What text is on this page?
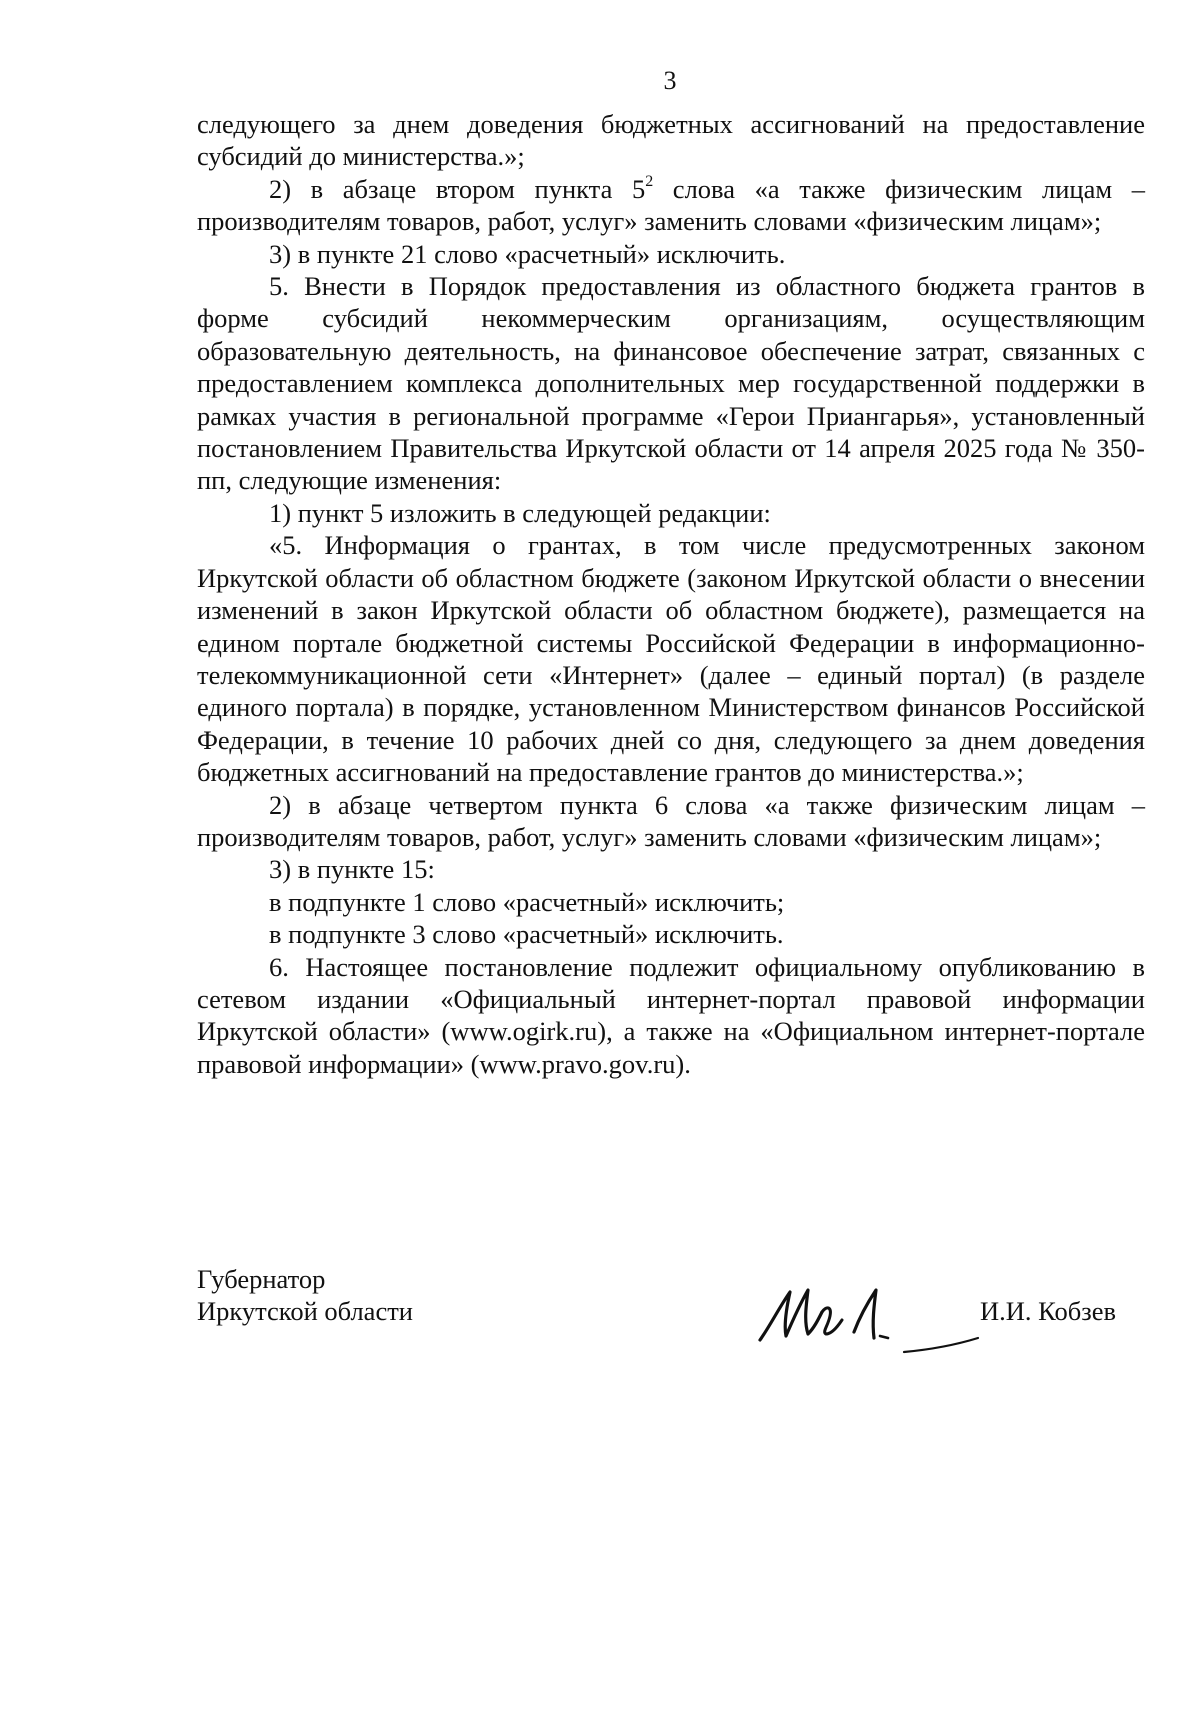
3

следующего за днем доведения бюджетных ассигнований на предоставление субсидий до министерства.»;

2) в абзаце втором пункта $5^2$ слова «а также физическим лицам – производителям товаров, работ, услуг» заменить словами «физическим лицам»;

3) в пункте 21 слово «расчетный» исключить.

5. Внести в Порядок предоставления из областного бюджета грантов в форме субсидий некоммерческим организациям, осуществляющим образовательную деятельность, на финансовое обеспечение затрат, связанных с предоставлением комплекса дополнительных мер государственной поддержки в рамках участия в региональной программе «Герои Приангарья», установленный постановлением Правительства Иркутской области от 14 апреля 2025 года № 350-пп, следующие изменения:

1) пункт 5 изложить в следующей редакции:

«5. Информация о грантах, в том числе предусмотренных законом Иркутской области об областном бюджете (законом Иркутской области о внесении изменений в закон Иркутской области об областном бюджете), размещается на едином портале бюджетной системы Российской Федерации в информационно-телекоммуникационной сети «Интернет» (далее – единый портал) (в разделе единого портала) в порядке, установленном Министерством финансов Российской Федерации, в течение 10 рабочих дней со дня, следующего за днем доведения бюджетных ассигнований на предоставление грантов до министерства.»;

2) в абзаце четвертом пункта 6 слова «а также физическим лицам – производителям товаров, работ, услуг» заменить словами «физическим лицам»;

3) в пункте 15:

в подпункте 1 слово «расчетный» исключить;

в подпункте 3 слово «расчетный» исключить.

6. Настоящее постановление подлежит официальному опубликованию в сетевом издании «Официальный интернет-портал правовой информации Иркутской области» (www.ogirk.ru), а также на «Официальном интернет-портале правовой информации» (www.pravo.gov.ru).

Губернатор
Иркутской области	И.И. Кобзев
